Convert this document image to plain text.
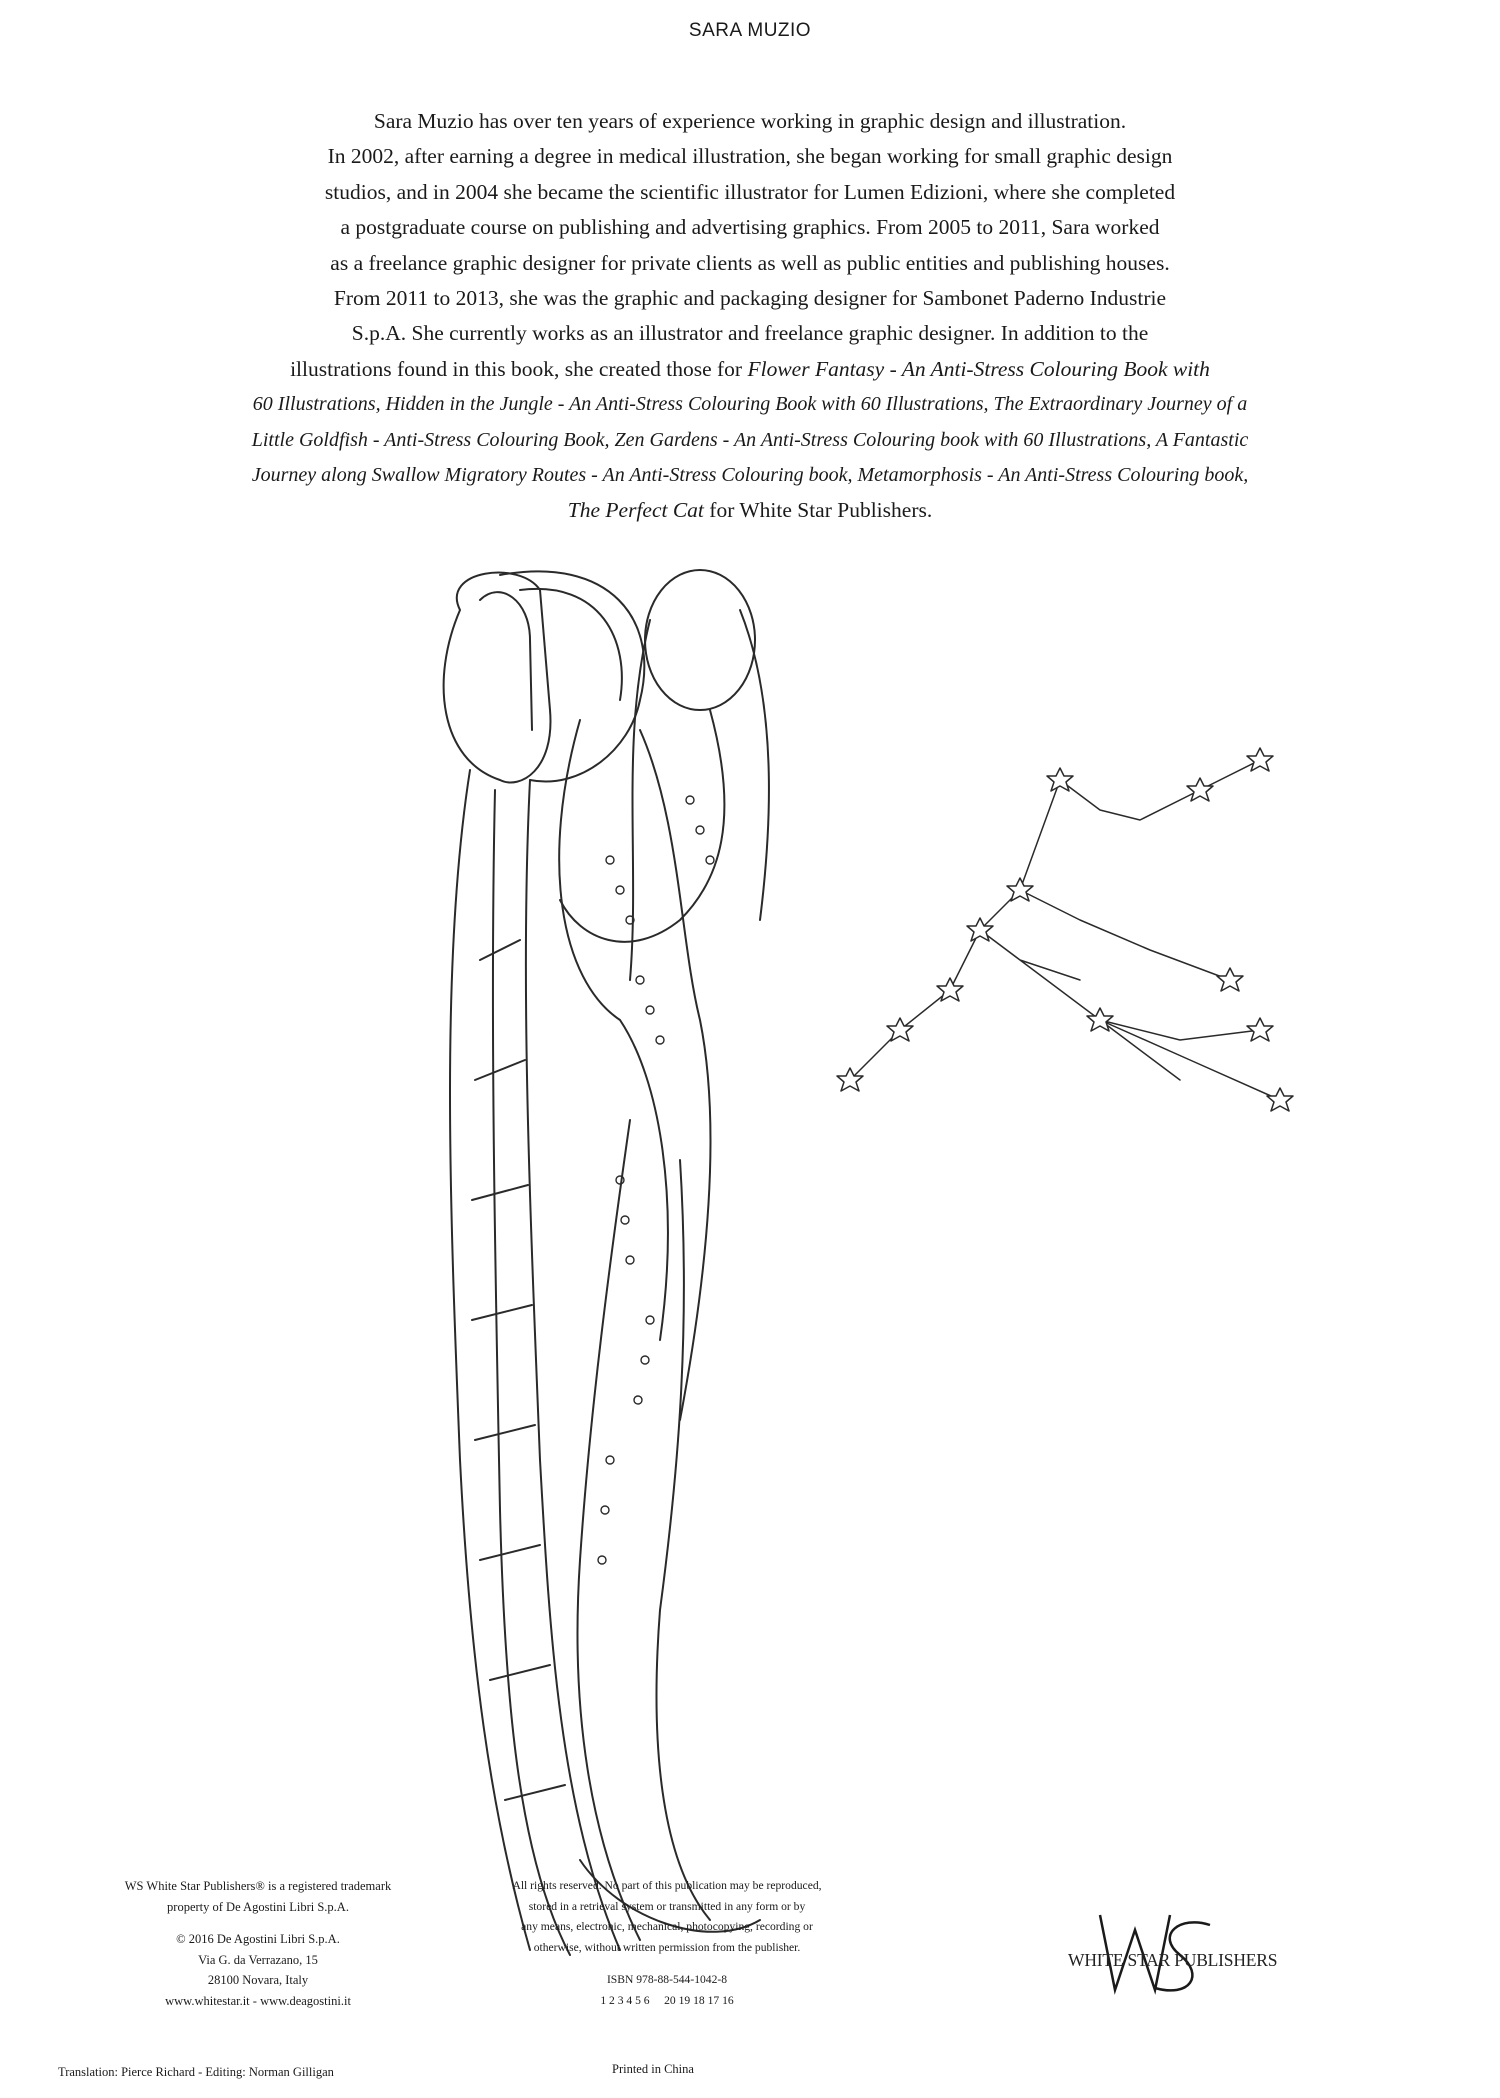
SARA MUZIO
Sara Muzio has over ten years of experience working in graphic design and illustration.
In 2002, after earning a degree in medical illustration, she began working for small graphic design
studios, and in 2004 she became the scientific illustrator for Lumen Edizioni, where she completed
a postgraduate course on publishing and advertising graphics. From 2005 to 2011, Sara worked
as a freelance graphic designer for private clients as well as public entities and publishing houses.
From 2011 to 2013, she was the graphic and packaging designer for Sambonet Paderno Industrie
S.p.A. She currently works as an illustrator and freelance graphic designer. In addition to the
illustrations found in this book, she created those for Flower Fantasy - An Anti-Stress Colouring Book with
60 Illustrations, Hidden in the Jungle - An Anti-Stress Colouring Book with 60 Illustrations, The Extraordinary Journey of a
Little Goldfish - Anti-Stress Colouring Book, Zen Gardens - An Anti-Stress Colouring book with 60 Illustrations, A Fantastic
Journey along Swallow Migratory Routes - An Anti-Stress Colouring book, Metamorphosis - An Anti-Stress Colouring book,
The Perfect Cat for White Star Publishers.
WS White Star Publishers® is a registered trademark
property of De Agostini Libri S.p.A.
© 2016 De Agostini Libri S.p.A.
Via G. da Verrazano, 15
28100 Novara, Italy
www.whitestar.it - www.deagostini.it
All rights reserved. No part of this publication may be reproduced,
stored in a retrieval system or transmitted in any form or by
any means, electronic, mechanical, photocopying, recording or
otherwise, without written permission from the publisher.
ISBN 978-88-544-1042-8
1 2 3 4 5 6     20 19 18 17 16
Translation: Pierce Richard - Editing: Norman Gilligan	Printed in China
WHITE STAR PUBLISHERS
